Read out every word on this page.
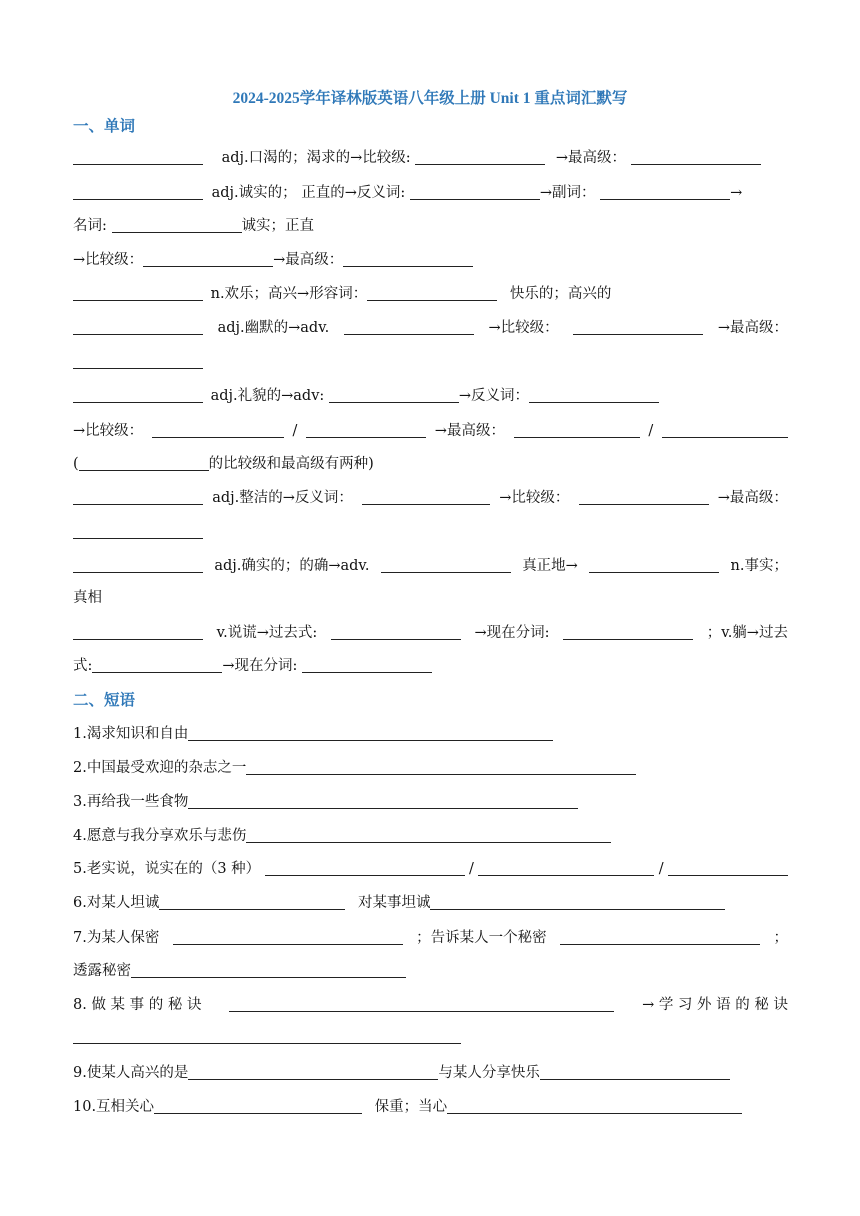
2024-2025学年译林版英语八年级上册 Unit 1 重点词汇默写
一、单词
adj.口渴的；渴求的→比较级:	→最高级：
adj.诚实的； 正直的→反义词:	→副词：	→
名词:	诚实；正直
→比较级：	→最高级：
n.欢乐；高兴→形容词：	快乐的；高兴的
adj.幽默的→adv.	→比较级：	→最高级：
adj.礼貌的→adv:	→反义词：
→比较级：	/	→最高级：	/
(	的比较级和最高级有两种)
adj.整洁的→反义词：	→比较级：	→最高级：
adj.确实的；的确→adv.	真正地→	n.事实；
真相
v.说谎→过去式:	→现在分词:	；v.躺→过去
式:	→现在分词:
二、短语
1.渴求知识和自由
2.中国最受欢迎的杂志之一
3.再给我一些食物
4.愿意与我分享欢乐与悲伤
5.老实说，说实在的（3 种）	/	/
6.对某人坦诚	对某事坦诚
7.为某人保密	；告诉某人一个秘密	；
透露秘密
8. 做 某 事 的 秘 诀	→ 学 习 外 语 的 秘 诀
9.使某人高兴的是	与某人分享快乐
10.互相关心	保重；当心
